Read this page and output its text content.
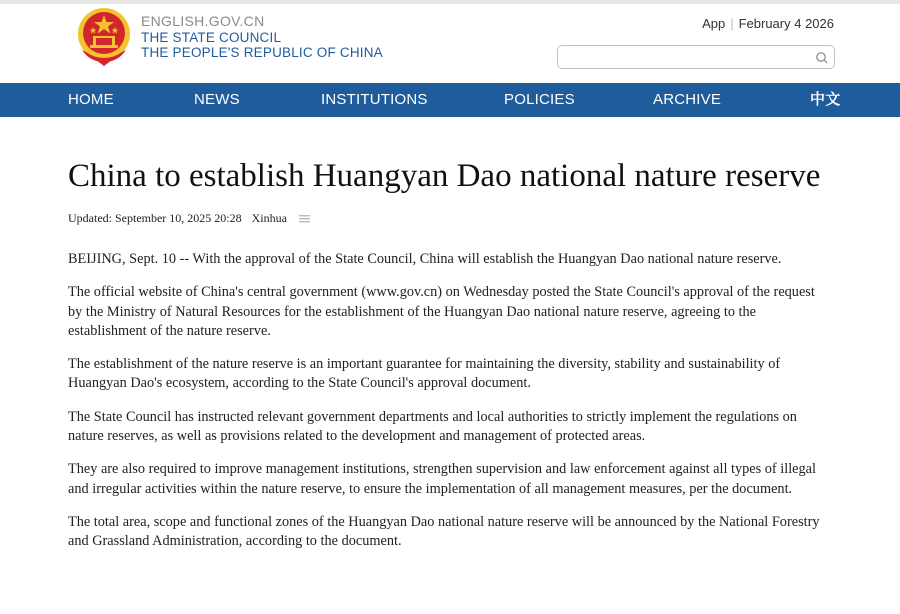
ENGLISH.GOV.CN
THE STATE COUNCIL
THE PEOPLE'S REPUBLIC OF CHINA
App | February 4 2026
HOME	NEWS	INSTITUTIONS	POLICIES	ARCHIVE	中文
China to establish Huangyan Dao national nature reserve
Updated: September 10, 2025 20:28 Xinhua

BEIJING, Sept. 10 -- With the approval of the State Council, China will establish the Huangyan Dao national nature reserve.

The official website of China's central government (www.gov.cn) on Wednesday posted the State Council's approval of the request by the Ministry of Natural Resources for the establishment of the Huangyan Dao national nature reserve, agreeing to the establishment of the nature reserve.

The establishment of the nature reserve is an important guarantee for maintaining the diversity, stability and sustainability of Huangyan Dao's ecosystem, according to the State Council's approval document.

The State Council has instructed relevant government departments and local authorities to strictly implement the regulations on nature reserves, as well as provisions related to the development and management of protected areas.

They are also required to improve management institutions, strengthen supervision and law enforcement against all types of illegal and irregular activities within the nature reserve, to ensure the implementation of all management measures, per the document.

The total area, scope and functional zones of the Huangyan Dao national nature reserve will be announced by the National Forestry and Grassland Administration, according to the document.
